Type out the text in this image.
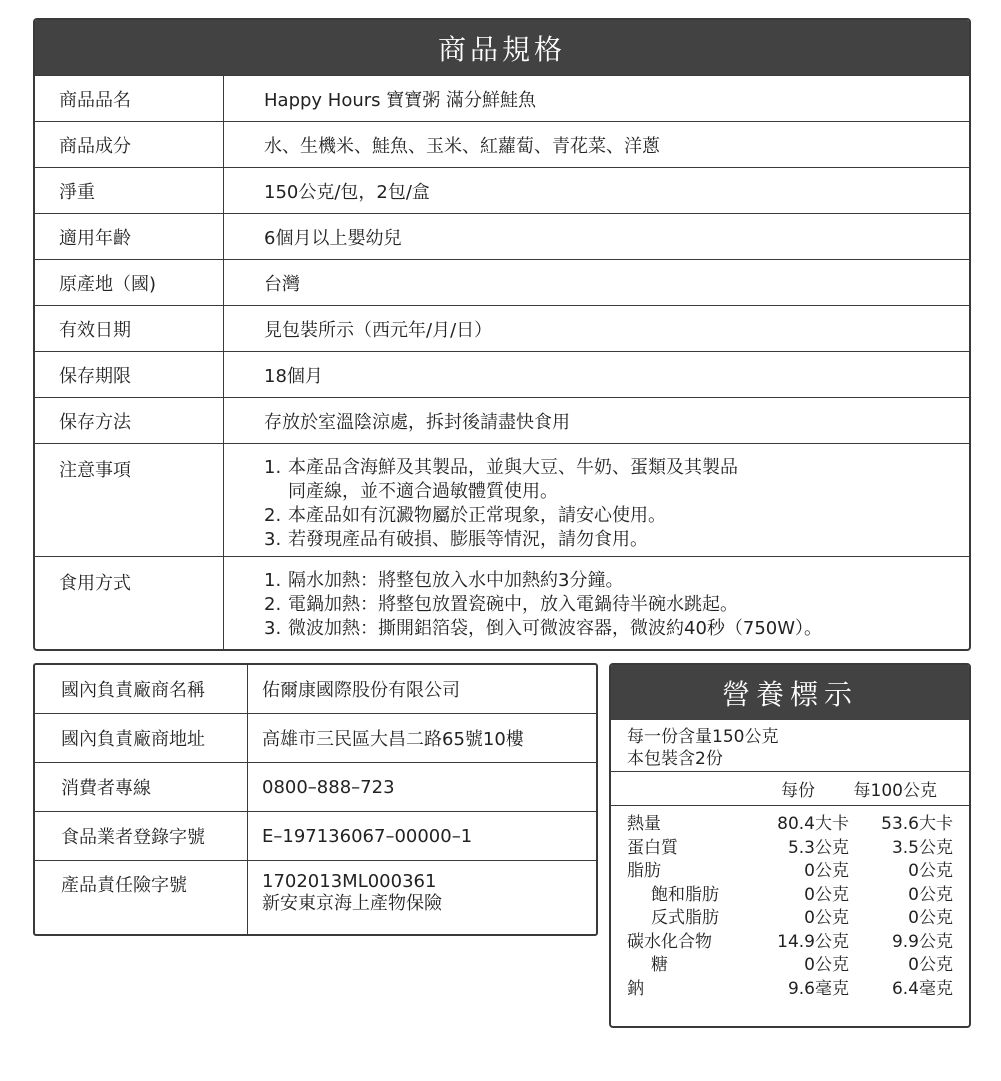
商品規格
商品品名	Happy Hours 寶寶粥 滿分鮮鮭魚
商品成分	水、生機米、鮭魚、玉米、紅蘿蔔、青花菜、洋蔥
淨重	150公克/包，2包/盒
適用年齡	6個月以上嬰幼兒
原產地（國)	台灣
有效日期	見包裝所示（西元年/月/日）
保存期限	18個月
保存方法	存放於室溫陰涼處，拆封後請盡快食用
注意事項	1. 本產品含海鮮及其製品，並與大豆、牛奶、蛋類及其製品
同產線，並不適合過敏體質使用。
2. 本產品如有沉澱物屬於正常現象，請安心使用。
3. 若發現產品有破損、膨脹等情況，請勿食用。
食用方式	1. 隔水加熱：將整包放入水中加熱約3分鐘。
2. 電鍋加熱：將整包放置瓷碗中，放入電鍋待半碗水跳起。
3. 微波加熱：撕開鋁箔袋，倒入可微波容器，微波約40秒（750W）。
國內負責廠商名稱	佑爾康國際股份有限公司
國內負責廠商地址	高雄市三民區大昌二路65號10樓
消費者專線	0800–888–723
食品業者登錄字號	E–197136067–00000–1
產品責任險字號	1702013ML000361
新安東京海上產物保險
營養標示
每一份含量150公克
本包裝含2份
每份	每100公克
熱量	80.4大卡	53.6大卡
蛋白質	5.3公克	3.5公克
脂肪	0公克	0公克
飽和脂肪	0公克	0公克
反式脂肪	0公克	0公克
碳水化合物	14.9公克	9.9公克
糖	0公克	0公克
鈉	9.6毫克	6.4毫克
